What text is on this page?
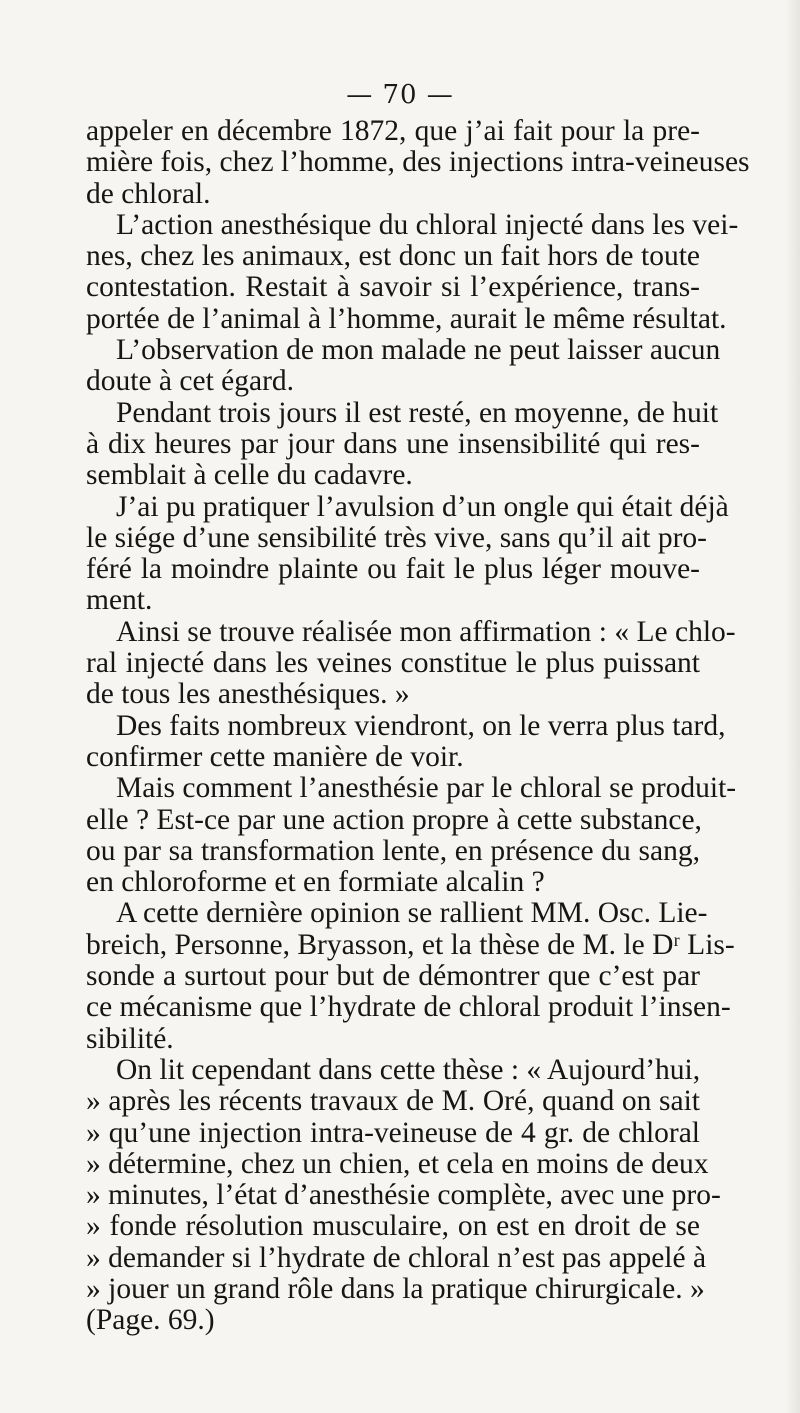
— 70 —
appeler en décembre 1872, que j’ai fait pour la pre-
mière fois, chez l’homme, des injections intra-veineuses
de chloral.
L’action anesthésique du chloral injecté dans les vei-
nes, chez les animaux, est donc un fait hors de toute
contestation. Restait à savoir si l’expérience, trans-
portée de l’animal à l’homme, aurait le même résultat.
L’observation de mon malade ne peut laisser aucun
doute à cet égard.
Pendant trois jours il est resté, en moyenne, de huit
à dix heures par jour dans une insensibilité qui res-
semblait à celle du cadavre.
J’ai pu pratiquer l’avulsion d’un ongle qui était déjà
le siége d’une sensibilité très vive, sans qu’il ait pro-
féré la moindre plainte ou fait le plus léger mouve-
ment.
Ainsi se trouve réalisée mon affirmation : « Le chlo-
ral injecté dans les veines constitue le plus puissant
de tous les anesthésiques. »
Des faits nombreux viendront, on le verra plus tard,
confirmer cette manière de voir.
Mais comment l’anesthésie par le chloral se produit-
elle ? Est-ce par une action propre à cette substance,
ou par sa transformation lente, en présence du sang,
en chloroforme et en formiate alcalin ?
A cette dernière opinion se rallient MM. Osc. Lie-
breich, Personne, Bryasson, et la thèse de M. le Dʳ Lis-
sonde a surtout pour but de démontrer que c’est par
ce mécanisme que l’hydrate de chloral produit l’insen-
sibilité.
On lit cependant dans cette thèse : « Aujourd’hui,
» après les récents travaux de M. Oré, quand on sait
» qu’une injection intra-veineuse de 4 gr. de chloral
» détermine, chez un chien, et cela en moins de deux
» minutes, l’état d’anesthésie complète, avec une pro-
» fonde résolution musculaire, on est en droit de se
» demander si l’hydrate de chloral n’est pas appelé à
» jouer un grand rôle dans la pratique chirurgicale. »
(Page. 69.)
